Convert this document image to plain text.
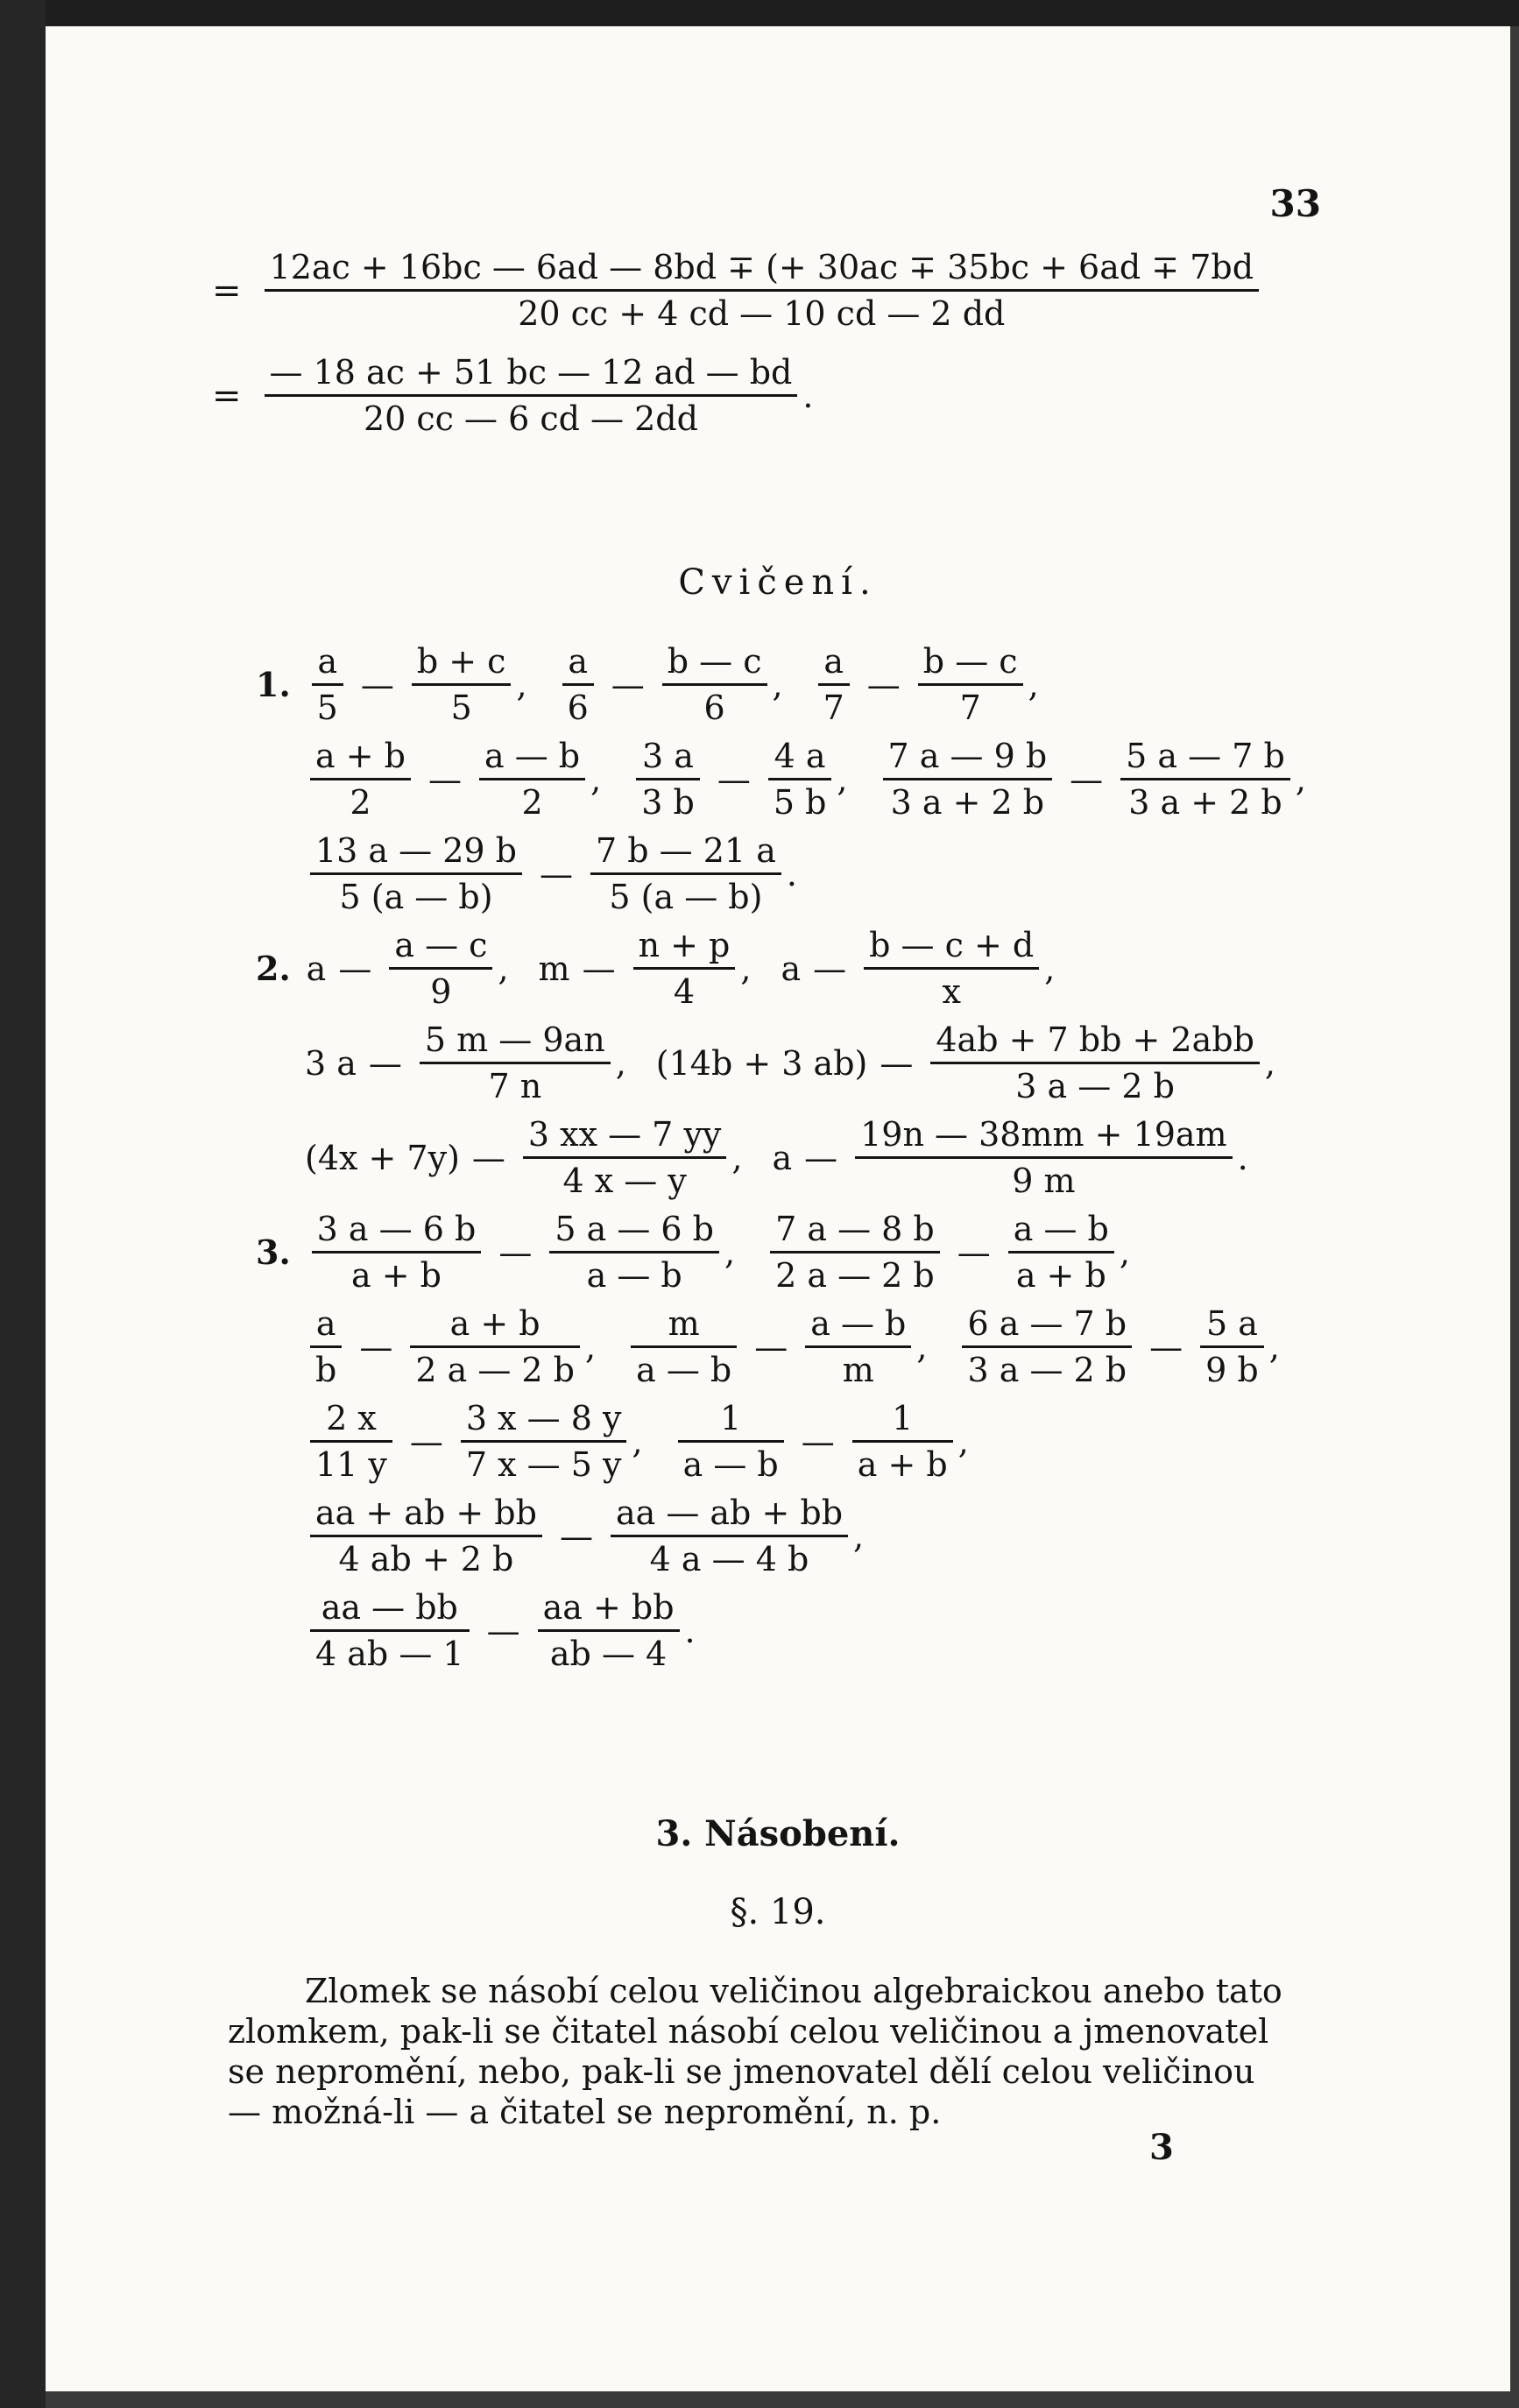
33
= $\frac{12ac + 16bc — 6ad — 8bd \mp (+ 30ac \mp 35bc + 6ad \mp 7bd}{20 cc + 4 cd — 10 cd — 2 dd}$
= $\frac{— 18 ac + 51 bc — 12 ad — bd}{20 cc — 6 cd — 2dd}$ .
Cvičení.
1. $\frac{a}{5}$ — $\frac{b + c}{5}$ , $\frac{a}{6}$ — $\frac{b — c}{6}$ , $\frac{a}{7}$ — $\frac{b — c}{7}$ ,
$\frac{a + b}{2}$ — $\frac{a — b}{2}$ , $\frac{3 a}{3 b}$ — $\frac{4 a}{5 b}$ , $\frac{7 a — 9 b}{3 a + 2 b}$ — $\frac{5 a — 7 b}{3 a + 2 b}$ ,
$\frac{13 a — 29 b}{5 (a — b)}$ — $\frac{7 b — 21 a}{5 (a — b)}$ .
2. a — $\frac{a — c}{9}$ , m — $\frac{n + p}{4}$ , a — $\frac{b — c + d}{x}$ ,
3 a — $\frac{5 m — 9an}{7 n}$ , (14b + 3 ab) — $\frac{\text{4ab + 7 bb + 2abb}}{3 a — 2 b}$ ,
(4x + 7y) — $\frac{3 xx — 7 yy}{4 x — y}$ , a — $\frac{19n — 38mm + 19am}{9 m}$ .
3. $\frac{3 a — 6 b}{a + b}$ — $\frac{5 a — 6 b}{a — b}$ , $\frac{7 a — 8 b}{2 a — 2 b}$ — $\frac{a — b}{a + b}$ ,
$\frac{a}{b}$ — $\frac{a + b}{2 a — 2 b}$ , $\frac{m}{a — b}$ — $\frac{a — b}{m}$ , $\frac{6 a — 7 b}{3 a — 2 b}$ — $\frac{5 a}{9 b}$ ,
$\frac{2 x}{11 y}$ — $\frac{3 x — 8 y}{7 x — 5 y}$ , $\frac{1}{a — b}$ — $\frac{1}{a + b}$ ,
$\frac{aa + ab + bb}{4 ab + 2 b}$ — $\frac{aa — ab + bb}{4 a — 4 b}$ ,
$\frac{aa — bb}{4 ab — 1}$ — $\frac{aa + bb}{ab — 4}$ .
3. Násobení.
§. 19.

Zlomek se násobí celou veličinou algebraickou anebo tato

zlomkem, pak-li se čitatel násobí celou veličinou a jmenovatel

se nepromění, nebo, pak-li se jmenovatel dělí celou veličinou

— možná-li — a čitatel se nepromění, n. p.

3
